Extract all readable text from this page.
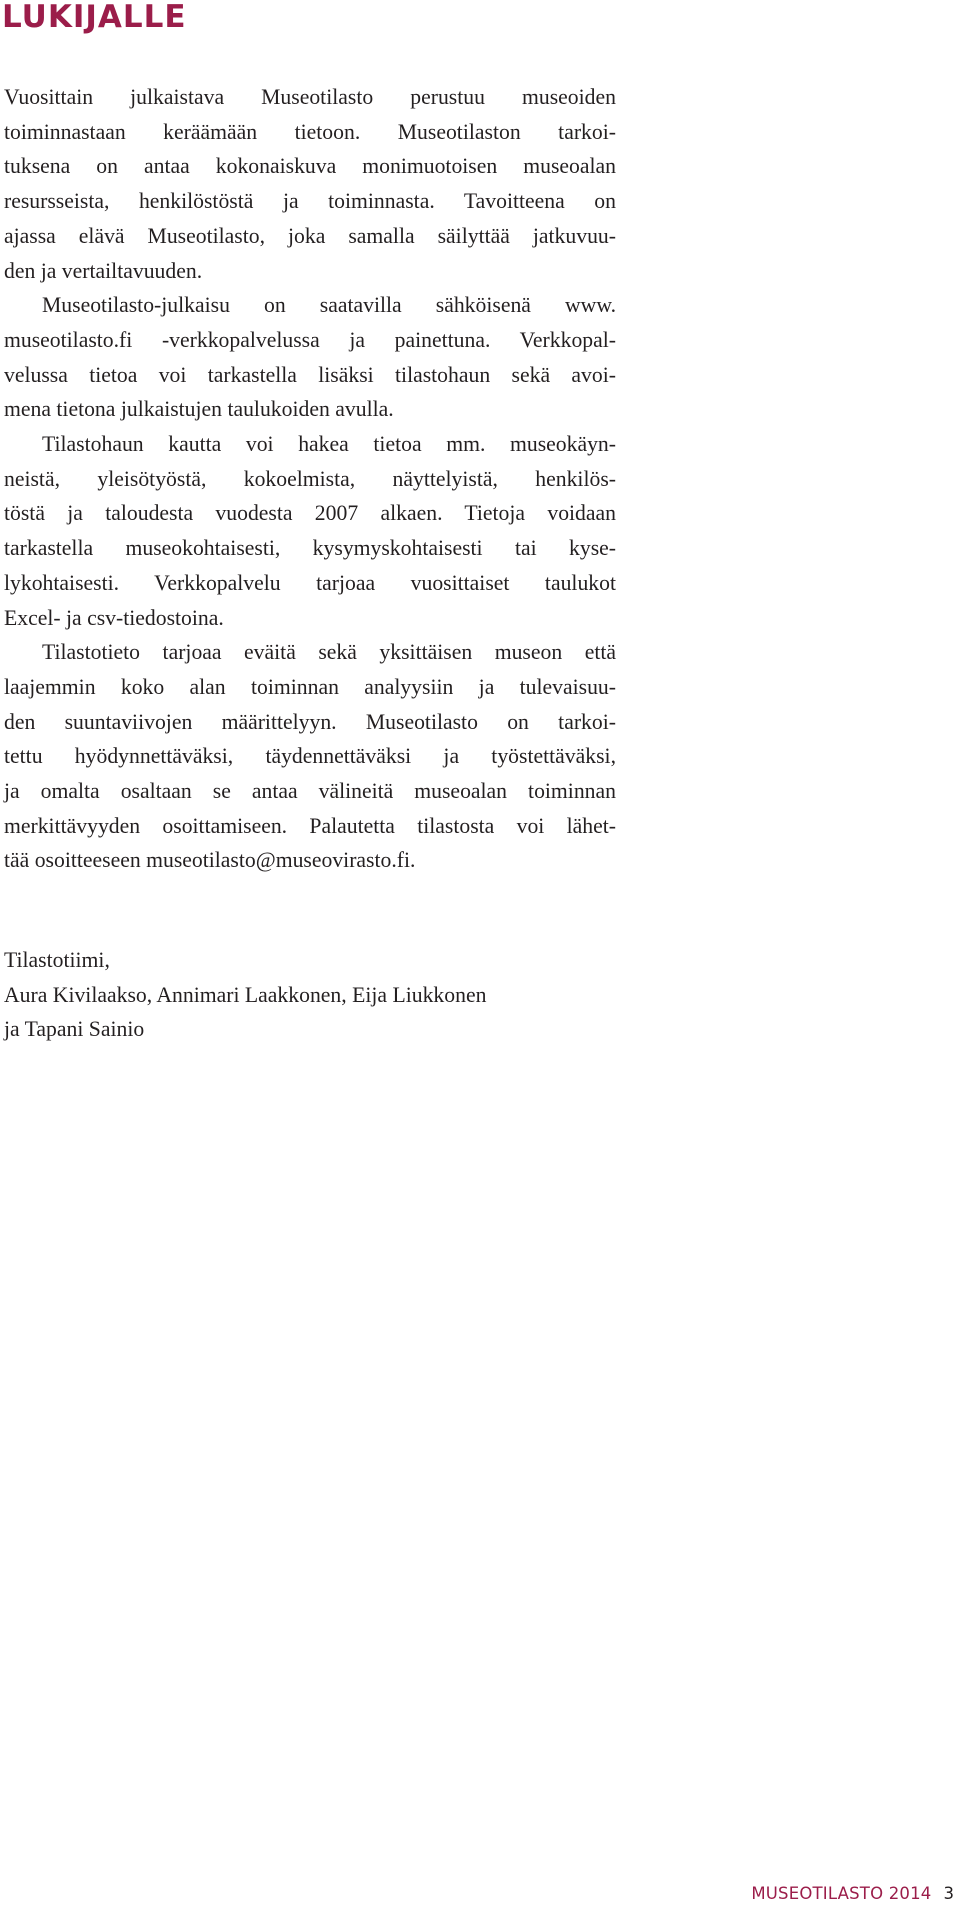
LUKIJALLE
Vuosittain julkaistava Museotilasto perustuu museoiden
toiminnastaan keräämään tietoon. Museotilaston tarkoi-
tuksena on antaa kokonaiskuva monimuotoisen museoalan
resursseista, henkilöstöstä ja toiminnasta. Tavoitteena on
ajassa elävä Museotilasto, joka samalla säilyttää jatkuvuu-
den ja vertailtavuuden.
Museotilasto-julkaisu on saatavilla sähköisenä www.
museotilasto.fi -verkkopalvelussa ja painettuna. Verkkopal-
velussa tietoa voi tarkastella lisäksi tilastohaun sekä avoi-
mena tietona julkaistujen taulukoiden avulla.
Tilastohaun kautta voi hakea tietoa mm. museokäyn-
neistä, yleisötyöstä, kokoelmista, näyttelyistä, henkilös-
töstä ja taloudesta vuodesta 2007 alkaen. Tietoja voidaan
tarkastella museokohtaisesti, kysymyskohtaisesti tai kyse-
lykohtaisesti. Verkkopalvelu tarjoaa vuosittaiset taulukot
Excel- ja csv-tiedostoina.
Tilastotieto tarjoaa eväitä sekä yksittäisen museon että
laajemmin koko alan toiminnan analyysiin ja tulevaisuu-
den suuntaviivojen määrittelyyn. Museotilasto on tarkoi-
tettu hyödynnettäväksi, täydennettäväksi ja työstettäväksi,
ja omalta osaltaan se antaa välineitä museoalan toiminnan
merkittävyyden osoittamiseen. Palautetta tilastosta voi lähet-
tää osoitteeseen museotilasto@museovirasto.fi.
Tilastotiimi,
Aura Kivilaakso, Annimari Laakkonen, Eija Liukkonen
ja Tapani Sainio
MUSEOTILASTO 2014 3
